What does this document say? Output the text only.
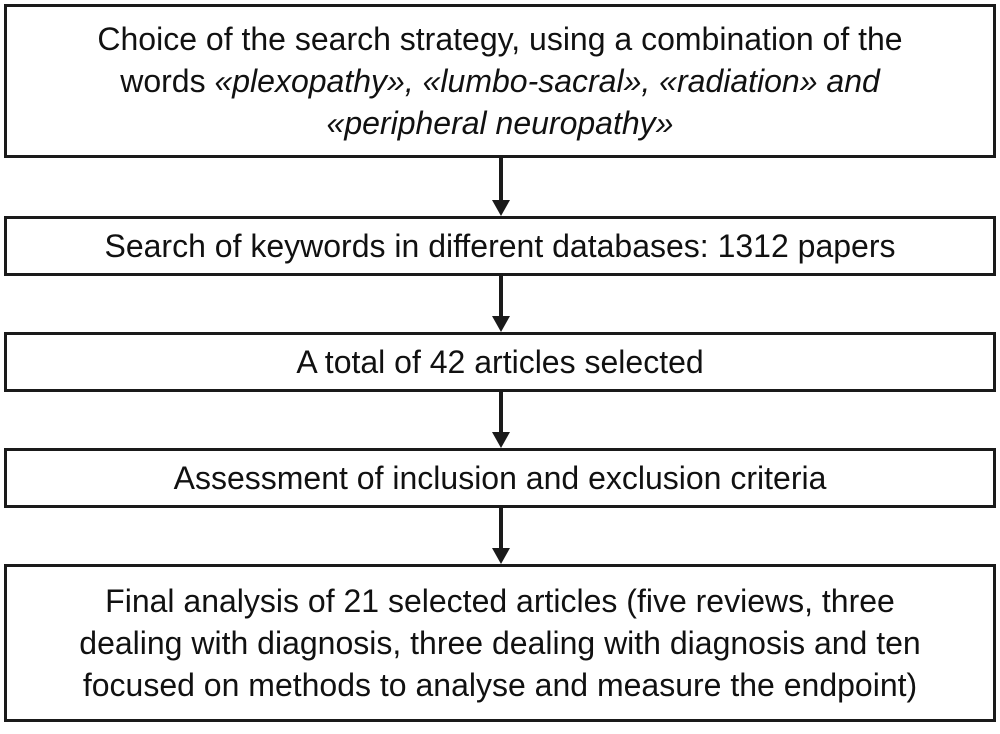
Choice of the search strategy, using a combination of the
words «plexopathy», «lumbo-sacral», «radiation» and
«peripheral neuropathy»
Search of keywords in different databases: 1312 papers
A total of 42 articles selected
Assessment of inclusion and exclusion criteria
Final analysis of 21 selected articles (five reviews, three
dealing with diagnosis, three dealing with diagnosis and ten
focused on methods to analyse and measure the endpoint)
